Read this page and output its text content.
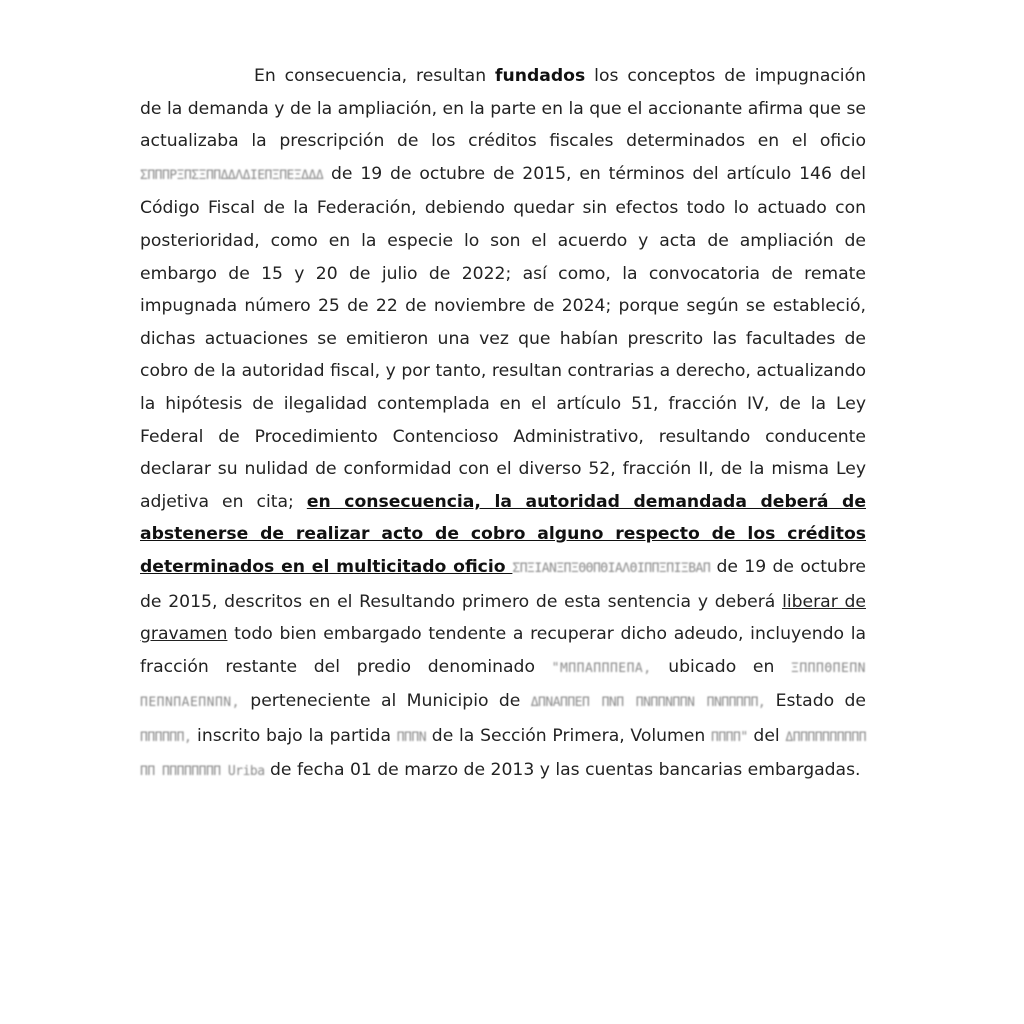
En consecuencia, resultan fundados los conceptos de impugnación de la demanda y de la ampliación, en la parte en la que el accionante afirma que se actualizaba la prescripción de los créditos fiscales determinados en el oficio ΣΠΠΠΡΞΠΣΞΠΠΔΔΛΔΙΕΠΞΠΕΞΔΔΔ de 19 de octubre de 2015, en términos del artículo 146 del Código Fiscal de la Federación, debiendo quedar sin efectos todo lo actuado con posterioridad, como en la especie lo son el acuerdo y acta de ampliación de embargo de 15 y 20 de julio de 2022; así como, la convocatoria de remate impugnada número 25 de 22 de noviembre de 2024; porque según se estableció, dichas actuaciones se emitieron una vez que habían prescrito las facultades de cobro de la autoridad fiscal, y por tanto, resultan contrarias a derecho, actualizando la hipótesis de ilegalidad contemplada en el artículo 51, fracción IV, de la Ley Federal de Procedimiento Contencioso Administrativo, resultando conducente declarar su nulidad de conformidad con el diverso 52, fracción II, de la misma Ley adjetiva en cita; en consecuencia, la autoridad demandada deberá de abstenerse de realizar acto de cobro alguno respecto de los créditos determinados en el multicitado oficio ΣΠΞΙΑΝΞΠΞΘΘΠΘΙΑΛΘΙΠΠΞΠΙΞΒΑΠ de 19 de octubre de 2015, descritos en el Resultando primero de esta sentencia y deberá liberar de gravamen todo bien embargado tendente a recuperar dicho adeudo, incluyendo la fracción restante del predio denominado "ΜΠΠΑΠΠΠΕΠΑ, ubicado en ΞΠΠΠΘΠΕΠΝ ΠΕΠΝΠΑΕΠΝΠΝ, perteneciente al Municipio de ΔΠΝΑΠΠΕΠ ΠΝΠ ΠΝΠΠΝΠΠΝ ΠΝΠΠΠΠΠ, Estado de ΠΠΠΠΠΠ, inscrito bajo la partida ΠΠΠΝ de la Sección Primera, Volumen ΠΠΠΠ" del ΔΠΠΠΠΠΠΠΠΠΠ ΠΠ ΠΠΠΠΠΠΠΠ Uriba de fecha 01 de marzo de 2013 y las cuentas bancarias embargadas.
